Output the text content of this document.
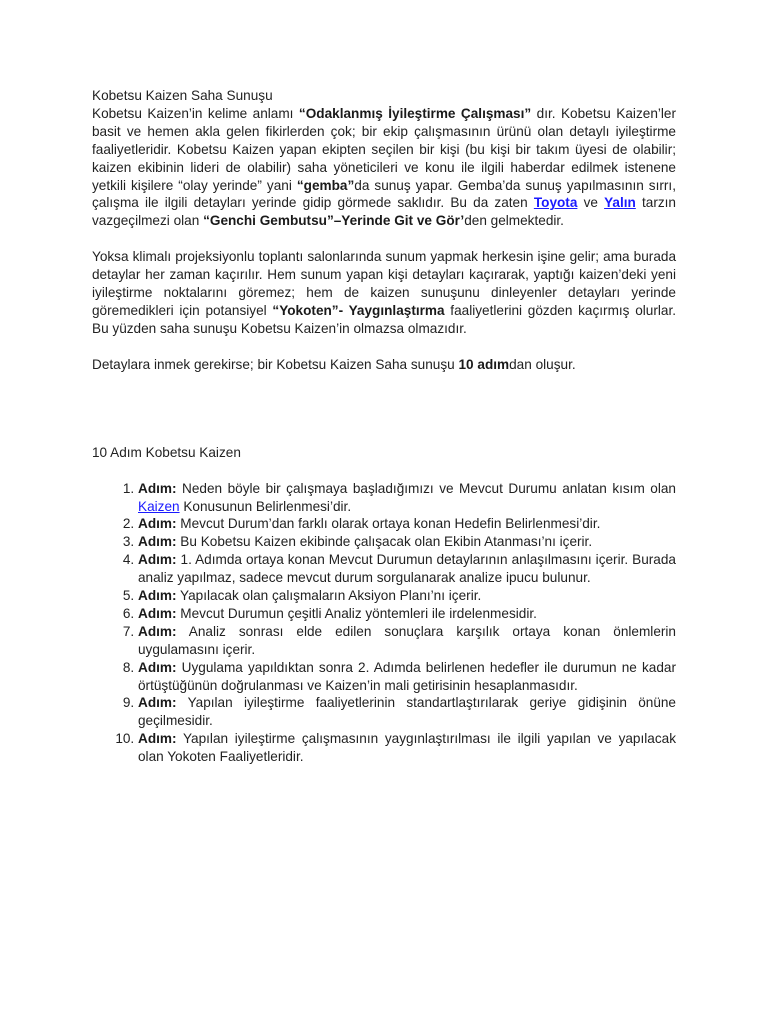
Kobetsu Kaizen Saha Sunuşu

Kobetsu Kaizen’in kelime anlamı “Odaklanmış İyileştirme Çalışması” dır. Kobetsu Kaizen’ler basit ve hemen akla gelen fikirlerden çok; bir ekip çalışmasının ürünü olan detaylı iyileştirme faaliyetleridir. Kobetsu Kaizen yapan ekipten seçilen bir kişi (bu kişi bir takım üyesi de olabilir; kaizen ekibinin lideri de olabilir) saha yöneticileri ve konu ile ilgili haberdar edilmek istenene yetkili kişilere “olay yerinde” yani “gemba”da sunuş yapar. Gemba’da sunuş yapılmasının sırrı, çalışma ile ilgili detayları yerinde gidip görmede saklıdır. Bu da zaten Toyota ve Yalın tarzın vazgeçilmezi olan “Genchi Gembutsu”–Yerinde Git ve Gör’den gelmektedir.

Yoksa klimalı projeksiyonlu toplantı salonlarında sunum yapmak herkesin işine gelir; ama burada detaylar her zaman kaçırılır. Hem sunum yapan kişi detayları kaçırarak, yaptığı kaizen’deki yeni iyileştirme noktalarını göremez; hem de kaizen sunuşunu dinleyenler detayları yerinde göremedikleri için potansiyel “Yokoten”- Yaygınlaştırma faaliyetlerini gözden kaçırmış olurlar. Bu yüzden saha sunuşu Kobetsu Kaizen’in olmazsa olmazıdır.

Detaylara inmek gerekirse; bir Kobetsu Kaizen Saha sunuşu 10 adımdan oluşur.

10 Adım Kobetsu Kaizen
1. Adım: Neden böyle bir çalışmaya başladığımızı ve Mevcut Durumu anlatan kısım olan Kaizen Konusunun Belirlenmesi’dir.
2. Adım: Mevcut Durum’dan farklı olarak ortaya konan Hedefin Belirlenmesi’dir.
3. Adım: Bu Kobetsu Kaizen ekibinde çalışacak olan Ekibin Atanması’nı içerir.
4. Adım: 1. Adımda ortaya konan Mevcut Durumun detaylarının anlaşılmasını içerir. Burada analiz yapılmaz, sadece mevcut durum sorgulanarak analize ipucu bulunur.
5. Adım: Yapılacak olan çalışmaların Aksiyon Planı’nı içerir.
6. Adım: Mevcut Durumun çeşitli Analiz yöntemleri ile irdelenmesidir.
7. Adım: Analiz sonrası elde edilen sonuçlara karşılık ortaya konan önlemlerin uygulamasını içerir.
8. Adım: Uygulama yapıldıktan sonra 2. Adımda belirlenen hedefler ile durumun ne kadar örtüştüğünün doğrulanması ve Kaizen’in mali getirisinin hesaplanmasıdır.
9. Adım: Yapılan iyileştirme faaliyetlerinin standartlaştırılarak geriye gidişinin önüne geçilmesidir.
10. Adım: Yapılan iyileştirme çalışmasının yaygınlaştırılması ile ilgili yapılan ve yapılacak olan Yokoten Faaliyetleridir.
